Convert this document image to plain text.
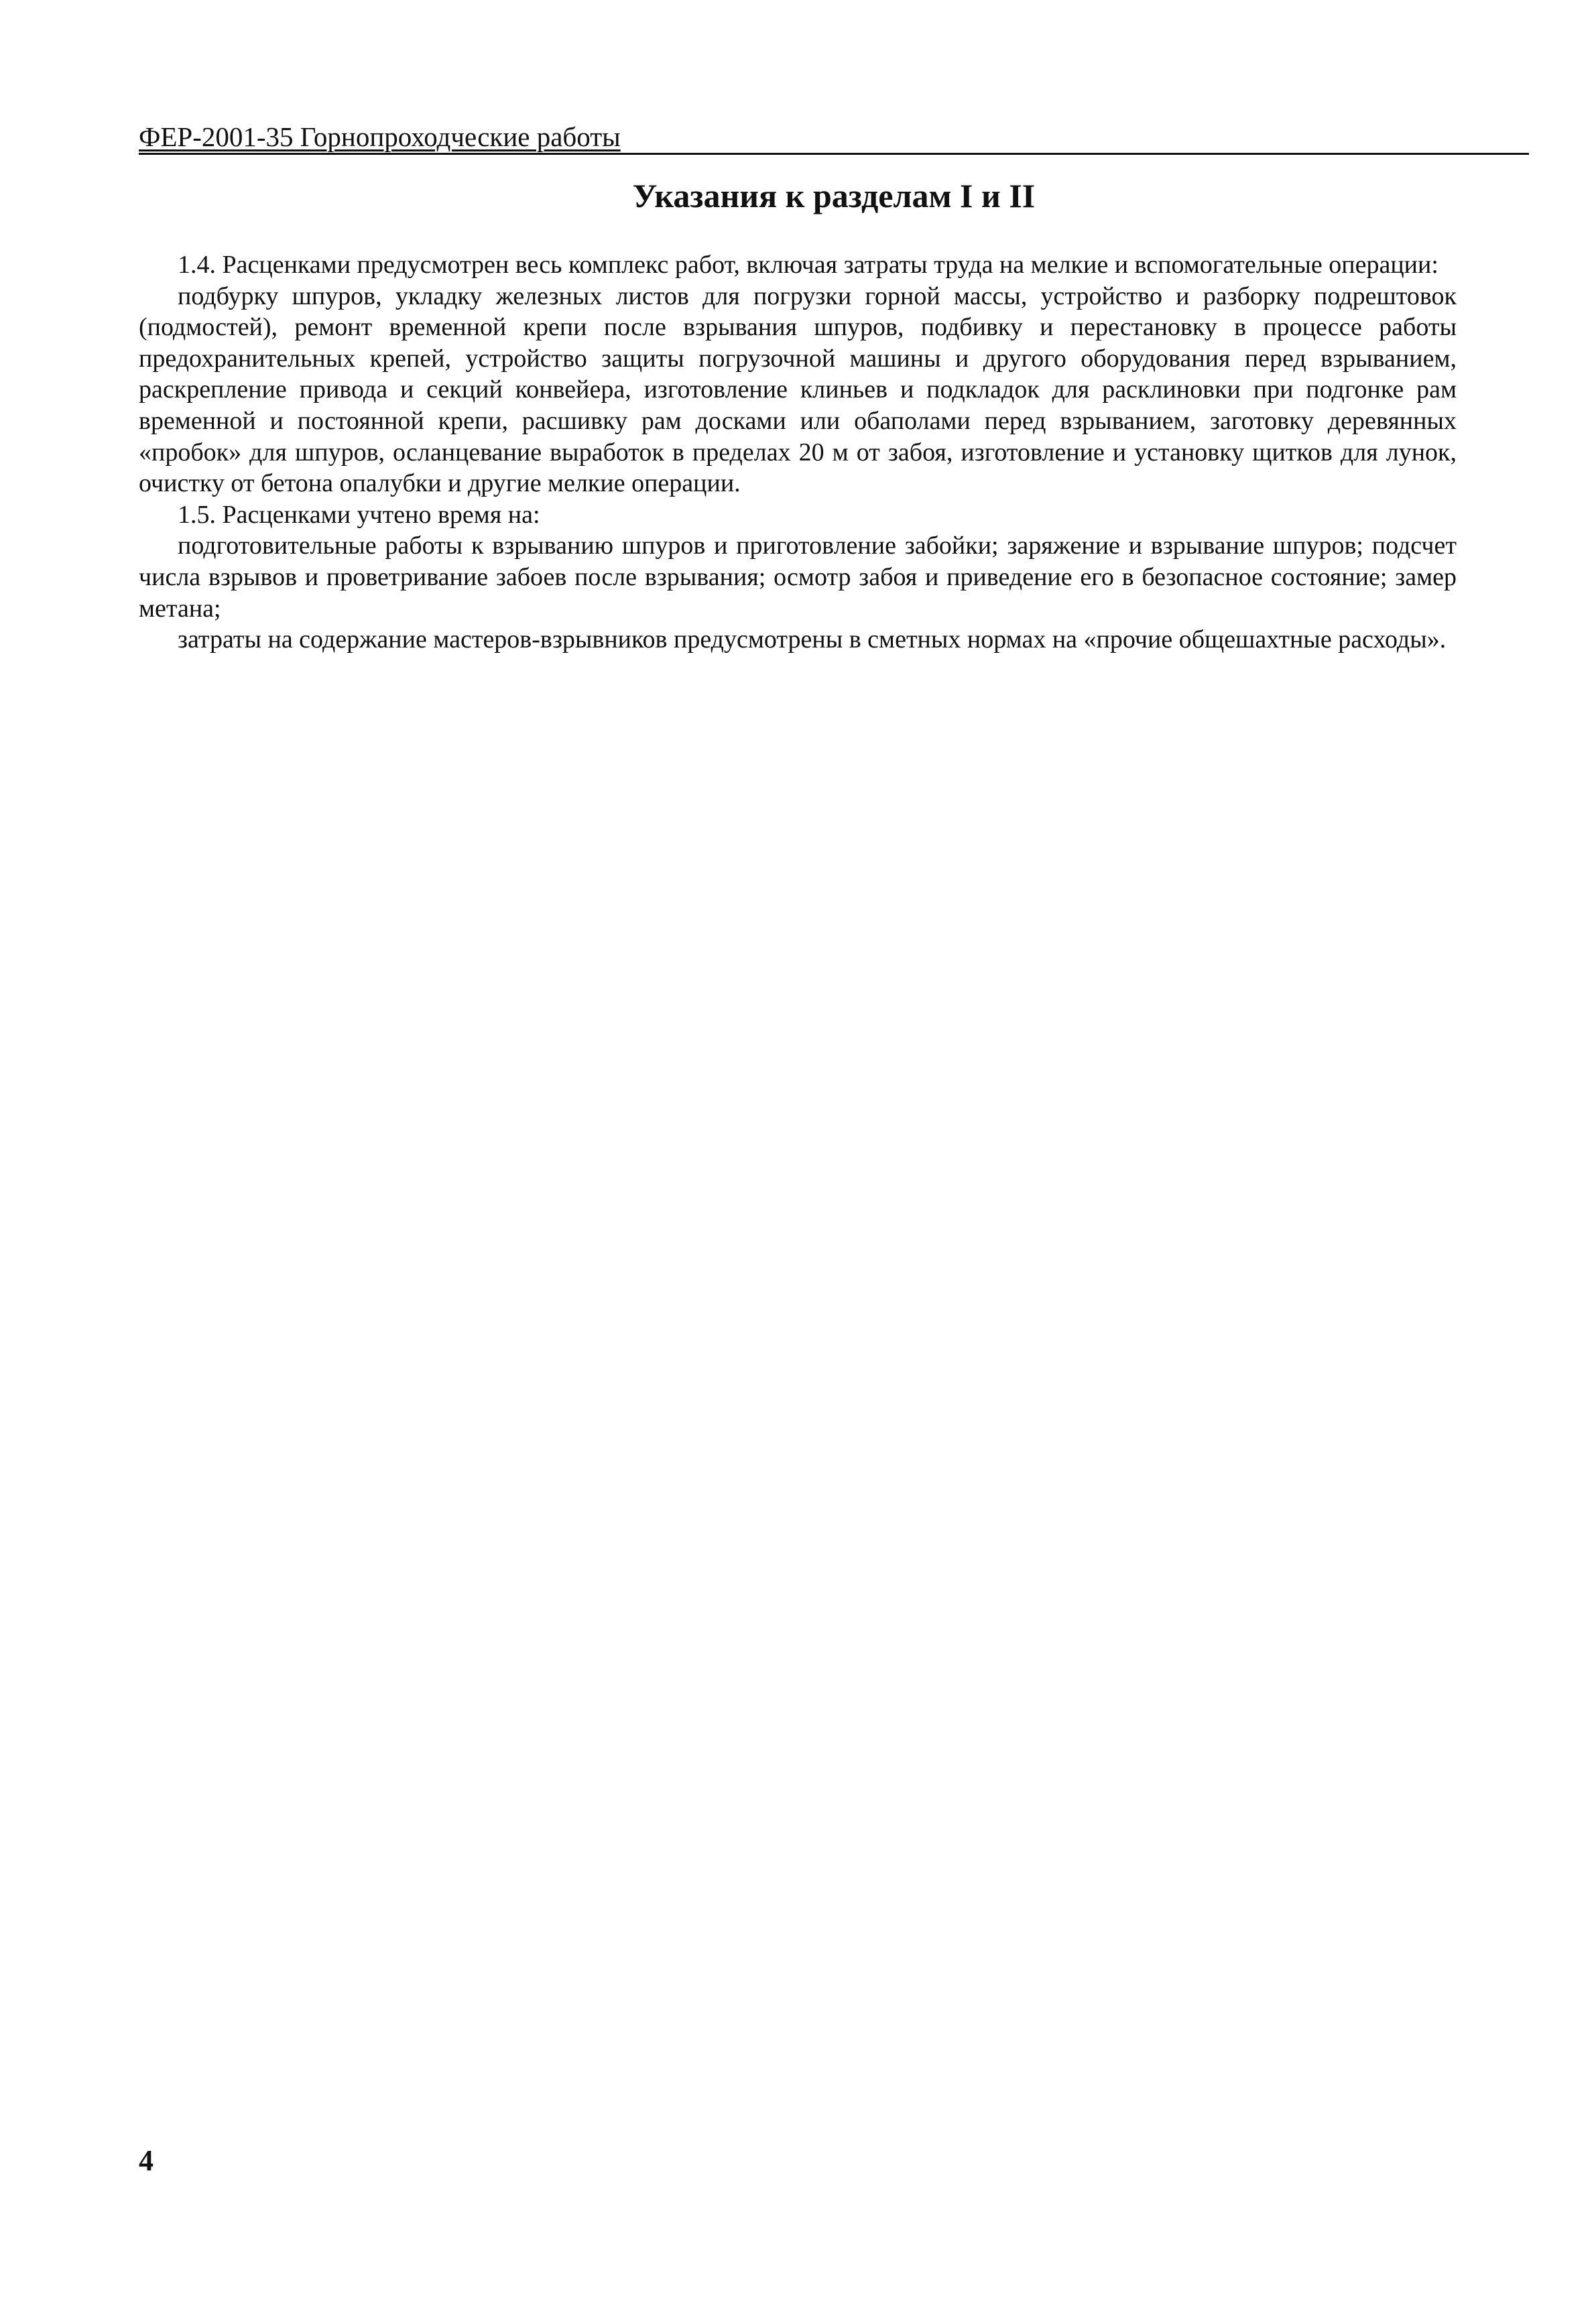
ФЕР-2001-35 Горнопроходческие работы
Указания к разделам I и II

1.4. Расценками предусмотрен весь комплекс работ, включая затраты труда на мелкие и вспомогательные операции:

подбурку шпуров, укладку железных листов для погрузки горной массы, устройство и разборку подрештовок (подмостей), ремонт временной крепи после взрывания шпуров, подбивку и перестановку в процессе работы предохранительных крепей, устройство защиты погрузочной машины и другого оборудования перед взрыванием, раскрепление привода и секций конвейера, изготовление клиньев и подкладок для расклиновки при подгонке рам временной и постоянной крепи, расшивку рам досками или обаполами перед взрыванием, заготовку деревянных «пробок» для шпуров, осланцевание выработок в пределах 20 м от забоя, изготовление и установку щитков для лунок, очистку от бетона опалубки и другие мелкие операции.

1.5. Расценками учтено время на:

подготовительные работы к взрыванию шпуров и приготовление забойки; заряжение и взрывание шпуров; подсчет числа взрывов и проветривание забоев после взрывания; осмотр забоя и приведение его в безопасное состояние; замер метана;

затраты на содержание мастеров-взрывников предусмотрены в сметных нормах на «прочие общешахтные расходы».

4
